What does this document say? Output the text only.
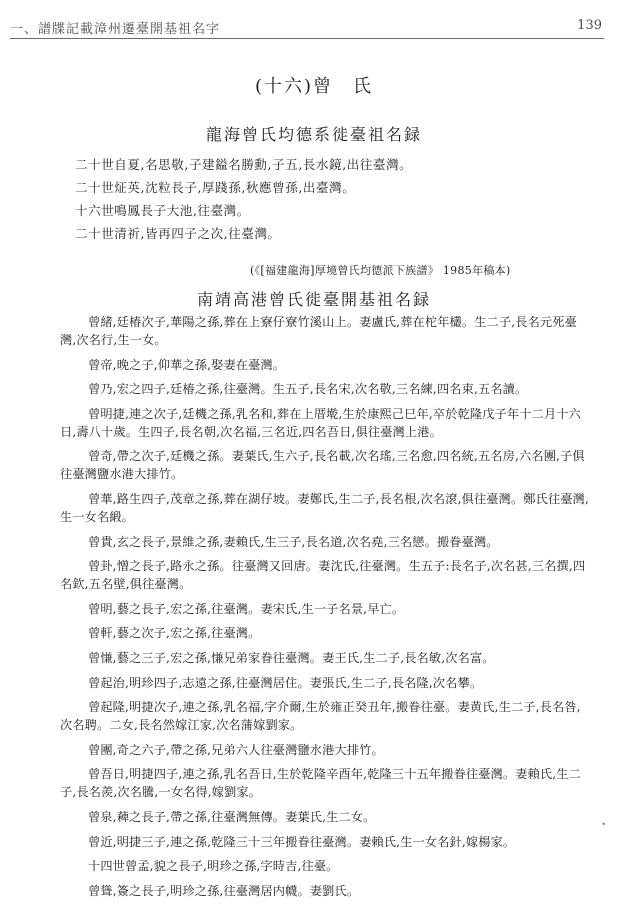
一、譜牒記載漳州遷臺開基祖名字	139
(十六)曾　氏
龍海曾氏均德系徙臺祖名録
二十世自夏,名思敬,子建鎰名勝勳,子五,長水鏡,出往臺灣。
二十世炡英,沈粒長子,厚踐孫,秋應曾孫,出臺灣。
十六世鳴鳳長子大池,往臺灣。
二十世清祈,皆再四子之次,往臺灣。
(《[福建龍海]厚境曾氏均德派下族譜》 1985年稿本)
南靖高港曾氏徙臺開基祖名録

曾緒,廷椿次子,華陽之孫,葬在上寮仔寮竹溪山上。妻盧氏,葬在柁年欉。生二子,長名元死臺灣,次名行,生一女。

曾帝,晚之子,仰華之孫,娶妻在臺灣。

曾乃,宏之四子,廷椿之孫,往臺灣。生五子,長名宋,次名敬,三名練,四名束,五名讀。

曾明捷,連之次子,廷機之孫,乳名和,葬在上厝墘,生於康熙己巳年,卒於乾隆戊子年十二月十六日,壽八十歲。生四子,長名朝,次名福,三名近,四名吾日,俱往臺灣上港。

曾奇,帶之次子,廷機之孫。妻葉氏,生六子,長名載,次名瑤,三名愈,四名統,五名房,六名團,子俱往臺灣鹽水港大排竹。

曾華,路生四子,茂章之孫,葬在湖仔坡。妻鄭氏,生二子,長名根,次名滾,俱往臺灣。鄭氏往臺灣,生一女名緞。

曾貴,玄之長子,景維之孫,妻賴氏,生三子,長名道,次名堯,三名戀。搬眷臺灣。

曾卦,憎之長子,路永之孫。往臺灣又回唐。妻沈氏,往臺灣。生五子:長名子,次名甚,三名撰,四名欽,五名壁,俱往臺灣。

曾明,藝之長子,宏之孫,往臺灣。妻宋氏,生一子名景,早亡。

曾軒,藝之次子,宏之孫,往臺灣。

曾慊,藝之三子,宏之孫,慊兄弟家眷往臺灣。妻王氏,生二子,長名敏,次名富。

曾起治,明珍四子,志遠之孫,往臺灣居住。妻張氏,生二子,長名隆,次名攀。

曾起隆,明捷次子,連之孫,乳名福,字介爾,生於雍正癸丑年,搬眷往臺。妻黄氏,生二子,長名咎,次名聘。二女,長名然嫁江家,次名蒲嫁劉家。

曾團,奇之六子,帶之孫,兄弟六人往臺灣鹽水港大排竹。

曾吾日,明捷四子,連之孫,乳名吾日,生於乾隆辛酉年,乾隆三十五年搬眷往臺灣。妻賴氏,生二子,長名羨,次名騰,一女名得,嫁劉家。

曾泉,薭之長子,帶之孫,往臺灣無傳。妻葉氏,生二女。

曾近,明捷三子,連之孫,乾隆三十三年搬眷往臺灣。妻賴氏,生一女名針,嫁楊家。

十四世曾孟,貌之長子,明珍之孫,字時吉,往臺。

曾聳,簽之長子,明珍之孫,往臺灣居内幭。妻劉氏。

•
